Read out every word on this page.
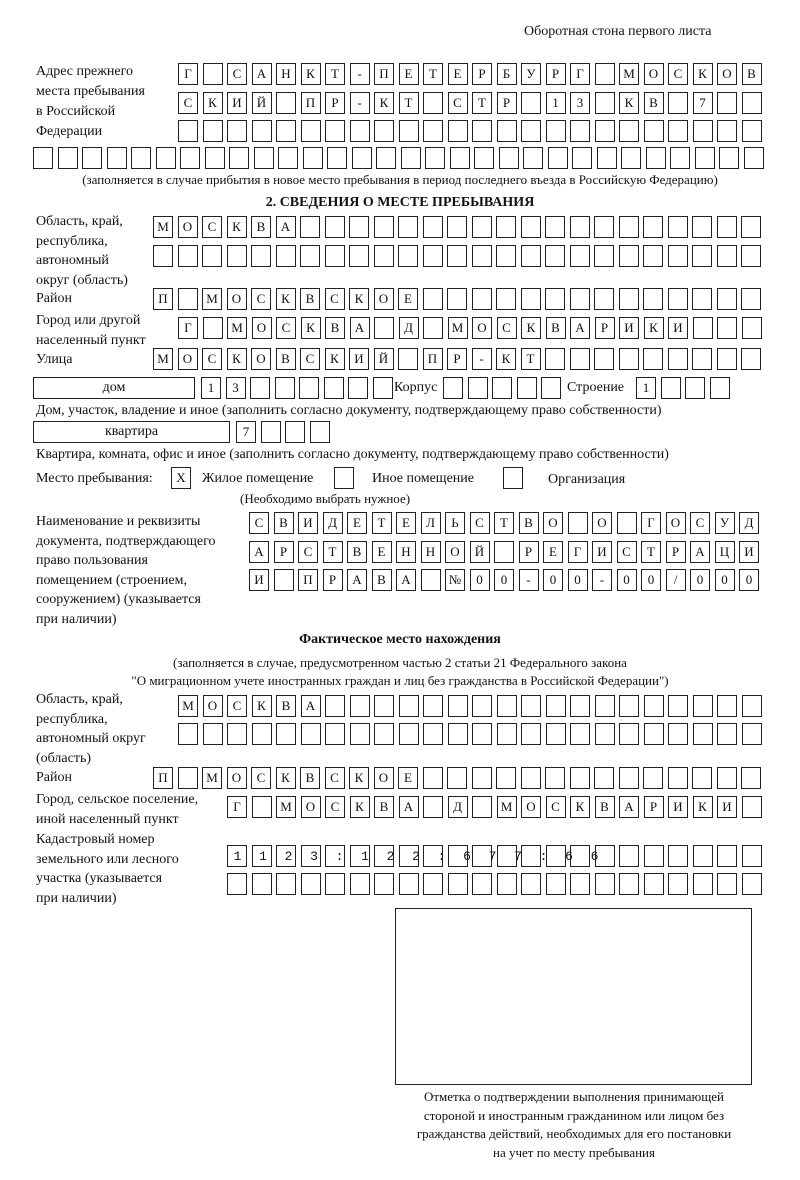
Оборотная стона первого листа
Адрес прежнего
места пребывания
в Российской
Федерации
Г	С	А	Н	К	Т	-	П	Е	Т	Е	Р	Б	У	Р	Г	М	О	С	К	О	В
С	К	И	Й	П	Р	-	К	Т	С	Т	Р	1	3	К	В	7
(заполняется в случае прибытия в новое место пребывания в период последнего въезда в Российскую Федерацию)
2. СВЕДЕНИЯ О МЕСТЕ ПРЕБЫВАНИЯ
Область, край,
республика,
автономный
округ (область)
М	О	С	К	В	А
Район	П	М	О	С	К	В	С	К	О	Е
Город или другой
населенный пункт
Г	М	О	С	К	В	А	Д	М	О	С	К	В	А	Р	И	К	И
Улица	М	О	С	К	О	В	С	К	И	Й	П	Р	-	К	Т
дом	1	3	Корпус	Строение	1
Дом, участок, владение и иное (заполнить согласно документу, подтверждающему право собственности)
квартира	7
Квартира, комната, офис и иное (заполнить согласно документу, подтверждающему право собственности)
Место пребывания:	X	Жилое помещение	Иное помещение	Организация
(Необходимо выбрать нужное)
Наименование и реквизиты
документа, подтверждающего
право пользования
помещением (строением,
сооружением) (указывается
при наличии)
С	В	И	Д	Е	Т	Е	Л	Ь	С	Т	В	О	О	Г	О	С	У	Д
А	Р	С	Т	В	Е	Н	Н	О	Й	Р	Е	Г	И	С	Т	Р	А	Ц	И
И	П	Р	А	В	А	№	0	0	-	0	0	-	0	0	/	0	0	0
Фактическое место нахождения
(заполняется в случае, предусмотренном частью 2 статьи 21 Федерального закона
"О миграционном учете иностранных граждан и лиц без гражданства в Российской Федерации")
Область, край,
республика,
автономный округ
(область)
М	О	С	К	В	А
Район	П	М	О	С	К	В	С	К	О	Е
Город, сельское поселение,
иной населенный пункт
Г	М	О	С	К	В	А	Д	М	О	С	К	В	А	Р	И	К	И
Кадастровый номер
земельного или лесного
участка (указывается
при наличии)
1123:122:677:66
Отметка о подтверждении выполнения принимающей
стороной и иностранным гражданином или лицом без
гражданства действий, необходимых для его постановки
на учет по месту пребывания
